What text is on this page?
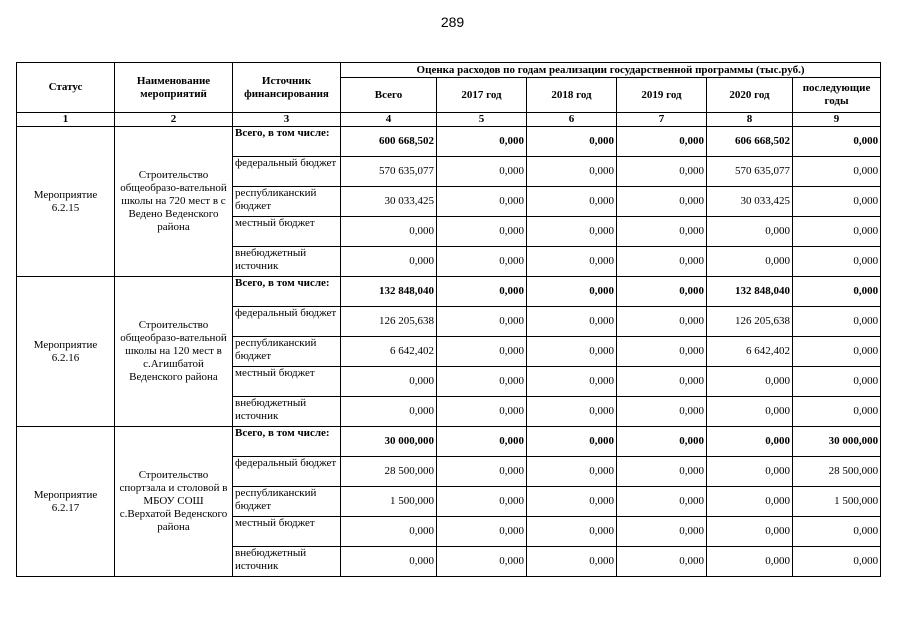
289
Статус	Наименование мероприятий	Источник финансирования	Оценка расходов по годам реализации государственной программы (тыс.руб.)					
			Всего	2017 год	2018 год	2019 год	2020 год	последующие годы
1	2	3	4	5	6	7	8	9
Мероприятие 6.2.15	Строительство общеобразо-вательной школы на 720 мест в с Ведено Веденского района	Всего, в том числе:	600 668,502	0,000	0,000	0,000	606 668,502	0,000
		федеральный бюджет	570 635,077	0,000	0,000	0,000	570 635,077	0,000
		республиканский бюджет	30 033,425	0,000	0,000	0,000	30 033,425	0,000
		местный бюджет	0,000	0,000	0,000	0,000	0,000	0,000
		внебюджетный источник	0,000	0,000	0,000	0,000	0,000	0,000
Мероприятие 6.2.16	Строительство общеобразо-вательной школы на 120 мест в с.Агишбатой Веденского района	Всего, в том числе:	132 848,040	0,000	0,000	0,000	132 848,040	0,000
		федеральный бюджет	126 205,638	0,000	0,000	0,000	126 205,638	0,000
		республиканский бюджет	6 642,402	0,000	0,000	0,000	6 642,402	0,000
		местный бюджет	0,000	0,000	0,000	0,000	0,000	0,000
		внебюджетный источник	0,000	0,000	0,000	0,000	0,000	0,000
Мероприятие 6.2.17	Строительство спортзала и столовой в МБОУ СОШ с.Верхатой Веденского района	Всего, в том числе:	30 000,000	0,000	0,000	0,000	0,000	30 000,000
		федеральный бюджет	28 500,000	0,000	0,000	0,000	0,000	28 500,000
		республиканский бюджет	1 500,000	0,000	0,000	0,000	0,000	1 500,000
		местный бюджет	0,000	0,000	0,000	0,000	0,000	0,000
		внебюджетный источник	0,000	0,000	0,000	0,000	0,000	0,000
